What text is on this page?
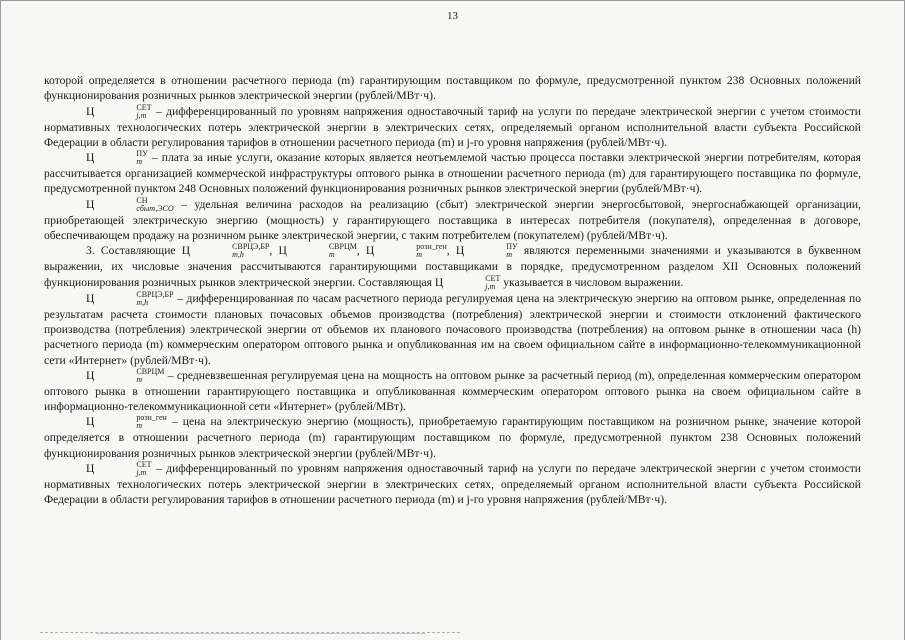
13

которой определяется в отношении расчетного периода (m) гарантирующим поставщиком по формуле, предусмотренной пунктом 238 Основных положений функционирования розничных рынков электрической энергии (рублей/МВт·ч).

Ц	СЕТ
j,m – дифференцированный по уровням напряжения одноставочный тариф на услуги по передаче электрической энергии с учетом стоимости нормативных технологических потерь электрической энергии в электрических сетях, определяемый органом исполнительной власти субъекта Российской Федерации в области регулирования тарифов в отношении расчетного периода (m) и j-го уровня напряжения (рублей/МВт·ч).

Ц	ПУ
m – плата за иные услуги, оказание которых является неотъемлемой частью процесса поставки электрической энергии потребителям, которая рассчитывается организацией коммерческой инфраструктуры оптового рынка в отношении расчетного периода (m) для гарантирующего поставщика по формуле, предусмотренной пунктом 248 Основных положений функционирования розничных рынков электрической энергии (рублей/МВт·ч).

Ц	СН
сбыт,ЭСО – удельная величина расходов на реализацию (сбыт) электрической энергии энергосбытовой, энергоснабжающей организации, приобретающей электрическую энергию (мощность) у гарантирующего поставщика в интересах потребителя (покупателя), определенная в договоре, обеспечивающем продажу на розничном рынке электрической энергии, с таким потребителем (покупателем) (рублей/МВт·ч).

3. Составляющие Ц	СВРЦЭ,БР
m,h	, Ц	СВРЦМ
m	, Ц	розн_ген
m	, Ц	ПУ
m	являются переменными значениями и указываются в буквенном выражении, их числовые значения рассчитываются гарантирующими поставщиками в порядке, предусмотренном разделом XII Основных положений функционирования розничных рынков электрической энергии. Составляющая Ц	СЕТ
j,m указывается в числовом выражении.

Ц	СВРЦЭ,БР
m,h	– дифференцированная по часам расчетного периода регулируемая цена на электрическую энергию на оптовом рынке, определенная по результатам расчета стоимости плановых почасовых объемов производства (потребления) электрической энергии и стоимости отклонений фактического производства (потребления) электрической энергии от объемов их планового почасового производства (потребления) на оптовом рынке в отношении часа (h) расчетного периода (m) коммерческим оператором оптового рынка и опубликованная им на своем официальном сайте в информационно-телекоммуникационной сети «Интернет» (рублей/МВт·ч).

Ц	СВРЦМ
m	– средневзвешенная регулируемая цена на мощность на оптовом рынке за расчетный период (m), определенная коммерческим оператором оптового рынка в отношении гарантирующего поставщика и опубликованная коммерческим оператором оптового рынка на своем официальном сайте в информационно-телекоммуникационной сети «Интернет» (рублей/МВт).

Ц	розн_ген
m	– цена на электрическую энергию (мощность), приобретаемую гарантирующим поставщиком на розничном рынке, значение которой определяется в отношении расчетного периода (m) гарантирующим поставщиком по формуле, предусмотренной пунктом 238 Основных положений функционирования розничных рынков электрической энергии (рублей/МВт·ч).

Ц	СЕТ
j,m – дифференцированный по уровням напряжения одноставочный тариф на услуги по передаче электрической энергии с учетом стоимости нормативных технологических потерь электрической энергии в электрических сетях, определяемый органом исполнительной власти субъекта Российской Федерации в области регулирования тарифов в отношении расчетного периода (m) и j-го уровня напряжения (рублей/МВт·ч).
